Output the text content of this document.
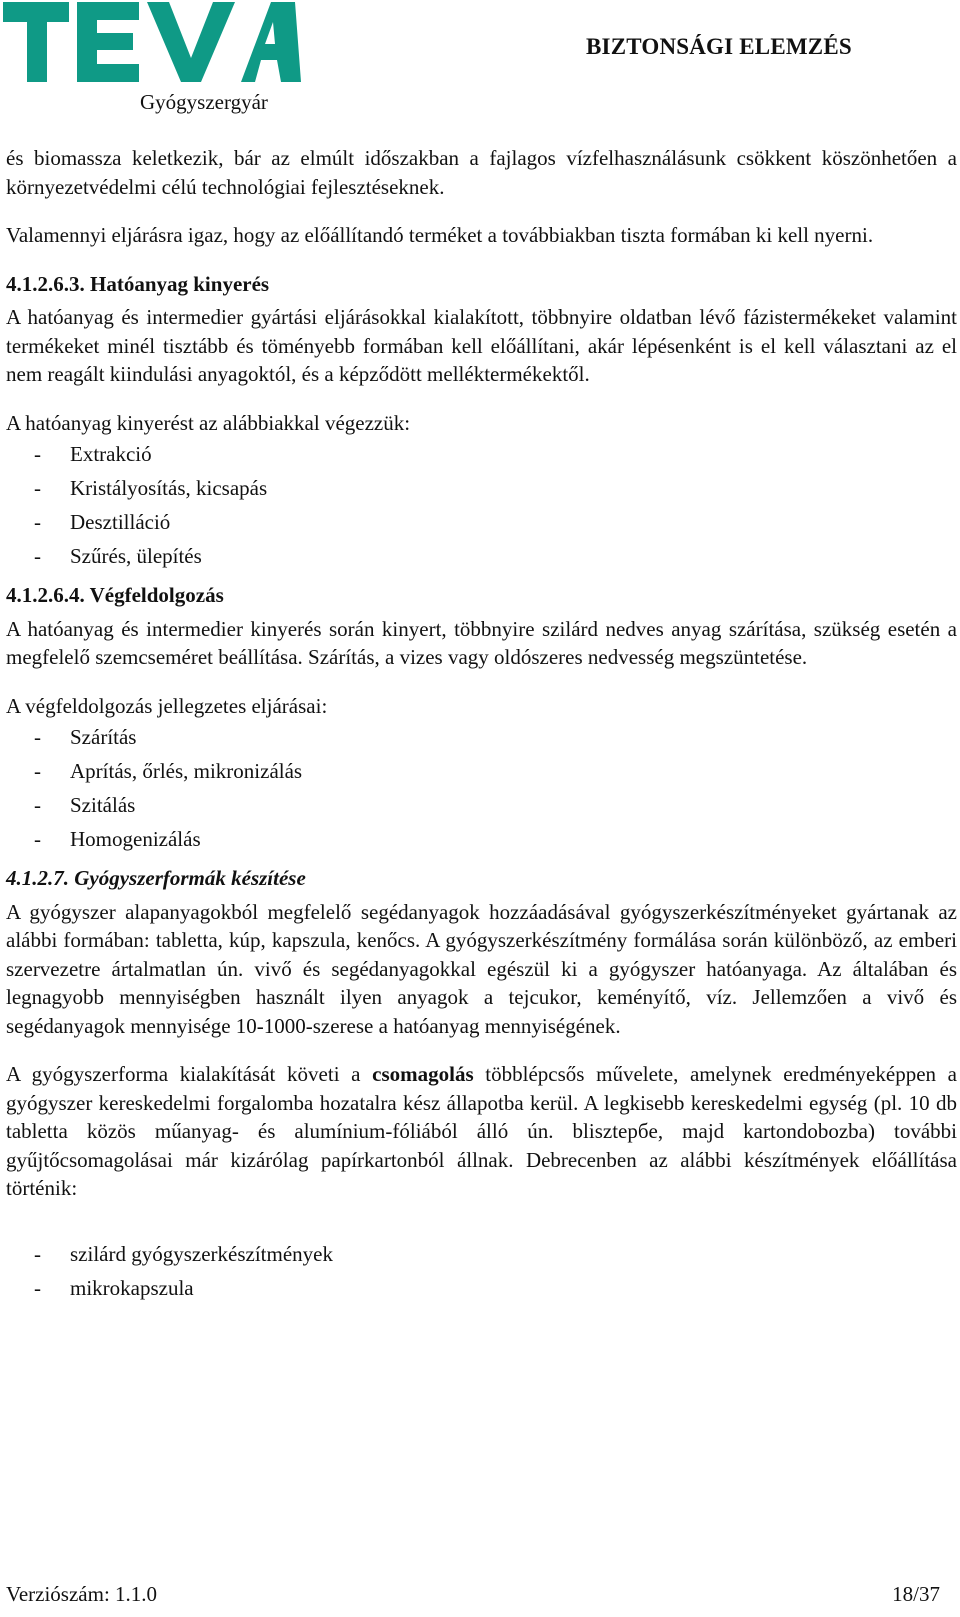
Gyógyszergyár
BIZTONSÁGI ELEMZÉS

és biomassza keletkezik, bár az elmúlt időszakban a fajlagos vízfelhasználásunk csökkent köszönhetően a környezetvédelmi célú technológiai fejlesztéseknek.

Valamennyi eljárásra igaz, hogy az előállítandó terméket a továbbiakban tiszta formában ki kell nyerni.

4.1.2.6.3. Hatóanyag kinyerés

A hatóanyag és intermedier gyártási eljárásokkal kialakított, többnyire oldatban lévő fázistermékeket valamint termékeket minél tisztább és töményebb formában kell előállítani, akár lépésenként is el kell választani az el nem reagált kiindulási anyagoktól, és a képződött melléktermékektől.

A hatóanyag kinyerést az alábbiakkal végezzük:

- Extrakció
- Kristályosítás, kicsapás
- Desztilláció
- Szűrés, ülepítés

4.1.2.6.4. Végfeldolgozás

A hatóanyag és intermedier kinyerés során kinyert, többnyire szilárd nedves anyag szárítása, szükség esetén a megfelelő szemcseméret beállítása. Szárítás, a vizes vagy oldószeres nedvesség megszüntetése.

A végfeldolgozás jellegzetes eljárásai:

- Szárítás
- Aprítás, őrlés, mikronizálás
- Szitálás
- Homogenizálás

4.1.2.7. Gyógyszerformák készítése

A gyógyszer alapanyagokból megfelelő segédanyagok hozzáadásával gyógyszerkészítményeket gyártanak az alábbi formában: tabletta, kúp, kapszula, kenőcs. A gyógyszerkészítmény formálása során különböző, az emberi szervezetre ártalmatlan ún. vivő és segédanyagokkal egészül ki a gyógyszer hatóanyaga. Az általában és legnagyobb mennyiségben használt ilyen anyagok a tejcukor, keményítő, víz. Jellemzően a vivő és segédanyagok mennyisége 10-1000-szerese a hatóanyag mennyiségének.

A gyógyszerforma kialakítását követi a csomagolás többlépcsős művelete, amelynek eredményeképpen a gyógyszer kereskedelmi forgalomba hozatalra kész állapotba kerül. A legkisebb kereskedelmi egység (pl. 10 db tabletta közös műanyag- és alumínium-fóliából álló ún. blisztербe, majd kartondobozba) további gyűjtőcsomagolásai már kizárólag papírkartonból állnak. Debrecenben az alábbi készítmények előállítása történik:

- szilárd gyógyszerkészítmények
- mikrokapszula
Verziószám: 1.1.0	18/37
